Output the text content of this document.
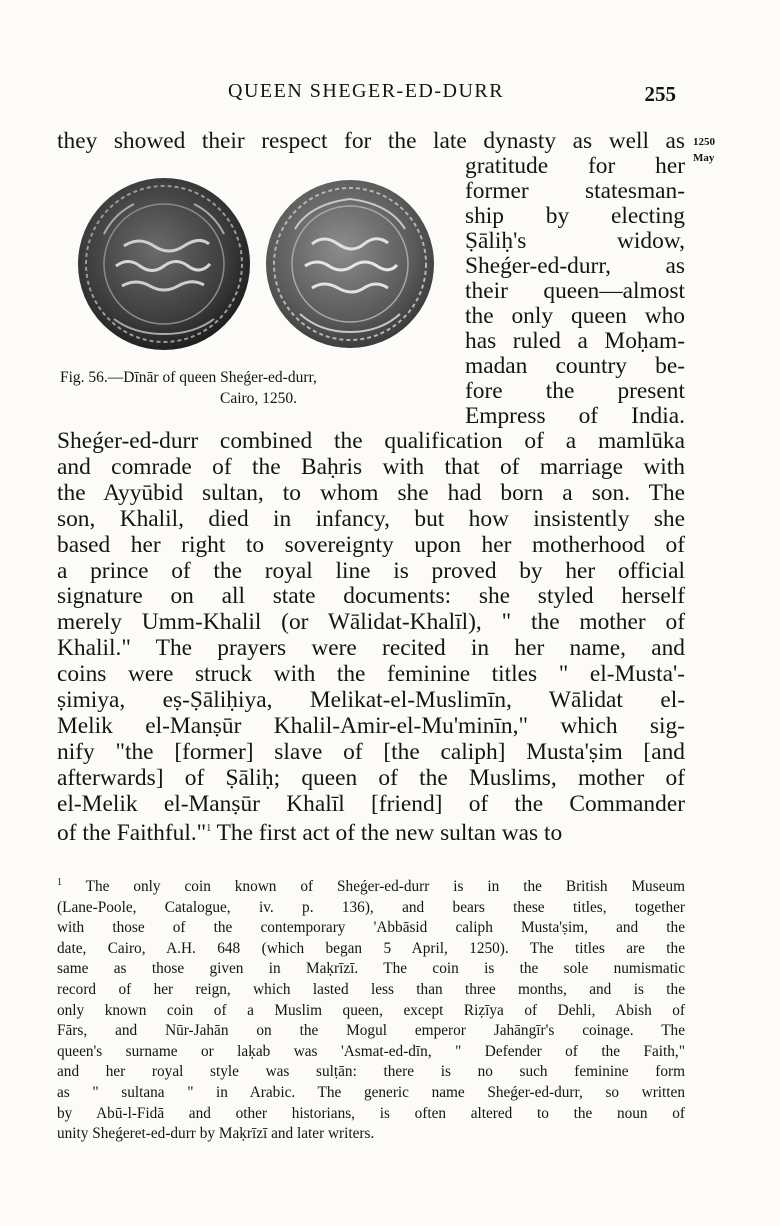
QUEEN SHEGER-ED-DURR	255
1250
May
they showed their respect for the late dynasty as well as
Fig. 56.—Dīnār of queen Sheǵer-ed-durr,
Cairo, 1250.
gratitude for her
former statesman-
ship by electing
Ṣāliḥ's widow,
Sheǵer-ed-durr, as
their queen—almost
the only queen who
has ruled a Moḥam-
madan country be-
fore the present
Empress of India.
Sheǵer-ed-durr combined the qualification of a mamlūka
and comrade of the Baḥris with that of marriage with
the Ayyūbid sultan, to whom she had born a son. The
son, Khalil, died in infancy, but how insistently she
based her right to sovereignty upon her motherhood of
a prince of the royal line is proved by her official
signature on all state documents: she styled herself
merely Umm-Khalil (or Wālidat-Khalīl), " the mother of
Khalil." The prayers were recited in her name, and
coins were struck with the feminine titles " el-Musta'-
ṣimiya, eṣ-Ṣāliḥiya, Melikat-el-Muslimīn, Wālidat el-
Melik el-Manṣūr Khalil-Amir-el-Mu'minīn," which sig-
nify "the [former] slave of [the caliph] Musta'ṣim [and
afterwards] of Ṣāliḥ; queen of the Muslims, mother of
el-Melik el-Manṣūr Khalīl [friend] of the Commander
of the Faithful."$^1$ The first act of the new sultan was to
$^1$ The only coin known of Sheǵer-ed-durr is in the British Museum
(Lane-Poole, Catalogue, iv. p. 136), and bears these titles, together
with those of the contemporary 'Abbāsid caliph Musta'ṣim, and the
date, Cairo, A.H. 648 (which began 5 April, 1250). The titles are the
same as those given in Maḳrīzī. The coin is the sole numismatic
record of her reign, which lasted less than three months, and is the
only known coin of a Muslim queen, except Riẓīya of Dehli, Abish of
Fārs, and Nūr-Jahān on the Mogul emperor Jahāngīr's coinage. The
queen's surname or laḳab was 'Asmat-ed-dīn, " Defender of the Faith,"
and her royal style was sulṭān: there is no such feminine form
as " sultana " in Arabic. The generic name Sheǵer-ed-durr, so written
by Abū-l-Fidā and other historians, is often altered to the noun of
unity Sheǵeret-ed-durr by Maḳrīzī and later writers.
